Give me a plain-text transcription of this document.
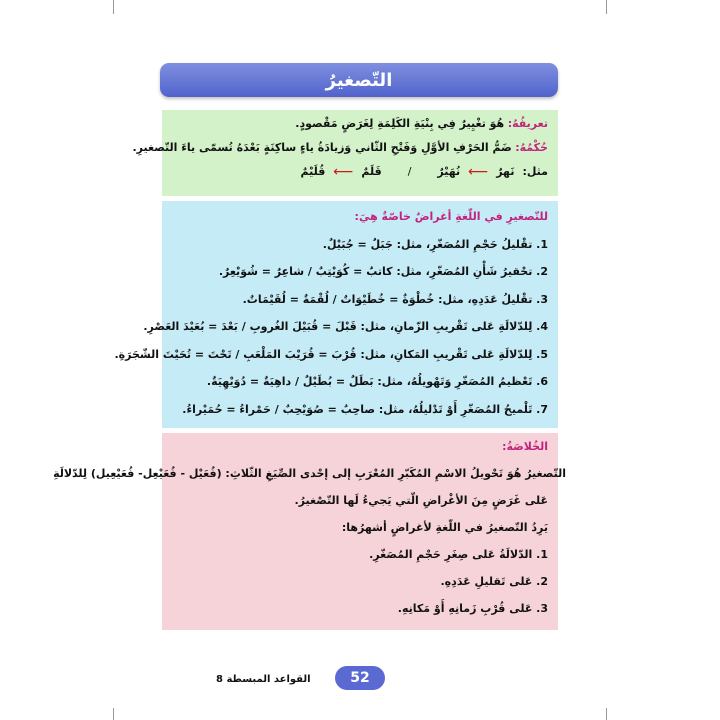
التّصغيرُ
تعريفُهُ: هُوَ تغْيِيرٌ فِي بِنْيَةِ الكَلِمَةِ لِغَرَضٍ مَقْصودٍ.
حُكْمُهُ: ضَمُّ الحَرْفِ الأوَّلِ وَفَتْحِ الثّاني وَزيادَةُ ياءٍ ساكِنَةٍ بَعْدَهُ تُسمّى ياءَ التّصغيرِ.
مثل:
نَهرٌ
⟵
نُهَيْرٌ
/
قَلَمٌ
⟵
قُلَيْمٌ
للتّصغيرِ في اللّغةِ أغراضٌ خاصّةٌ هِيَ:
1. تقْليلُ حَجْمِ المُصَغّرِ، مثل: جَبَلٌ = جُبَيْلٌ.
2. تحْقيرُ شَأْنِ المُصَغّرِ، مثل: كاتبٌ = كُوَيْتِبٌ / شاعِرٌ = شُوَيْعِرٌ.
3. تقْليلُ عَدَدِهِ، مثل: خُطْوَةٌ = خُطَيْوَاتٌ / لُقْمَةٌ = لُقَيْمَاتٌ.
4. لِلدّلالَةِ عَلى تَقْريبِ الزّمانِ، مثل: قَبْلَ = قُبَيْلَ الغُروبِ / بَعْدَ = بُعَيْدَ العَصْرِ.
5. لِلدّلالَةِ عَلى تَقْريبِ المَكانِ، مثل: قُرْبَ = قُرَيْبَ المَلْعَبِ / تَحْتَ = تُحَيْتَ الشّجَرَةِ.
6. تَعْظيمُ المُصَغّرِ وَتَهْويلُهُ، مثل: بَطَلٌ = بُطَيْلٌ / داهِيَةٌ = دُوَيْهِيَةٌ.
7. تَلْميحُ المُصَغّرِ أَوْ تَدْليلُهُ، مثل: صاحِبٌ = صُوَيْحِبٌ / حَمْراءُ = حُمَيْراءُ.
الخُلاصَةُ:
التّصغيرُ هُوَ تَحْويلُ الاسْمِ المُكَبّرِ المُعْرَبِ إلى إحْدى الصِّيَغِ الثّلاثِ: (فُعَيْل - فُعَيْعِل- فُعَيْعِيل) لِلدّلالَةِ
عَلى غَرَضٍ مِنَ الأغْراضِ الّتي يَجيءُ لَها التّصْغيرُ.
يَرِدُ التّصغيرُ في اللّغةِ لأغراضٍ أشهرُها:
1. الدّلالَةُ عَلى صِغَرِ حَجْمِ المُصَغّرِ.
2. عَلى تَقليلِ عَدَدِهِ.
3. عَلى قُرْبِ زَمانِهِ أَوْ مَكانِهِ.
القواعد المبسطة 8	52
